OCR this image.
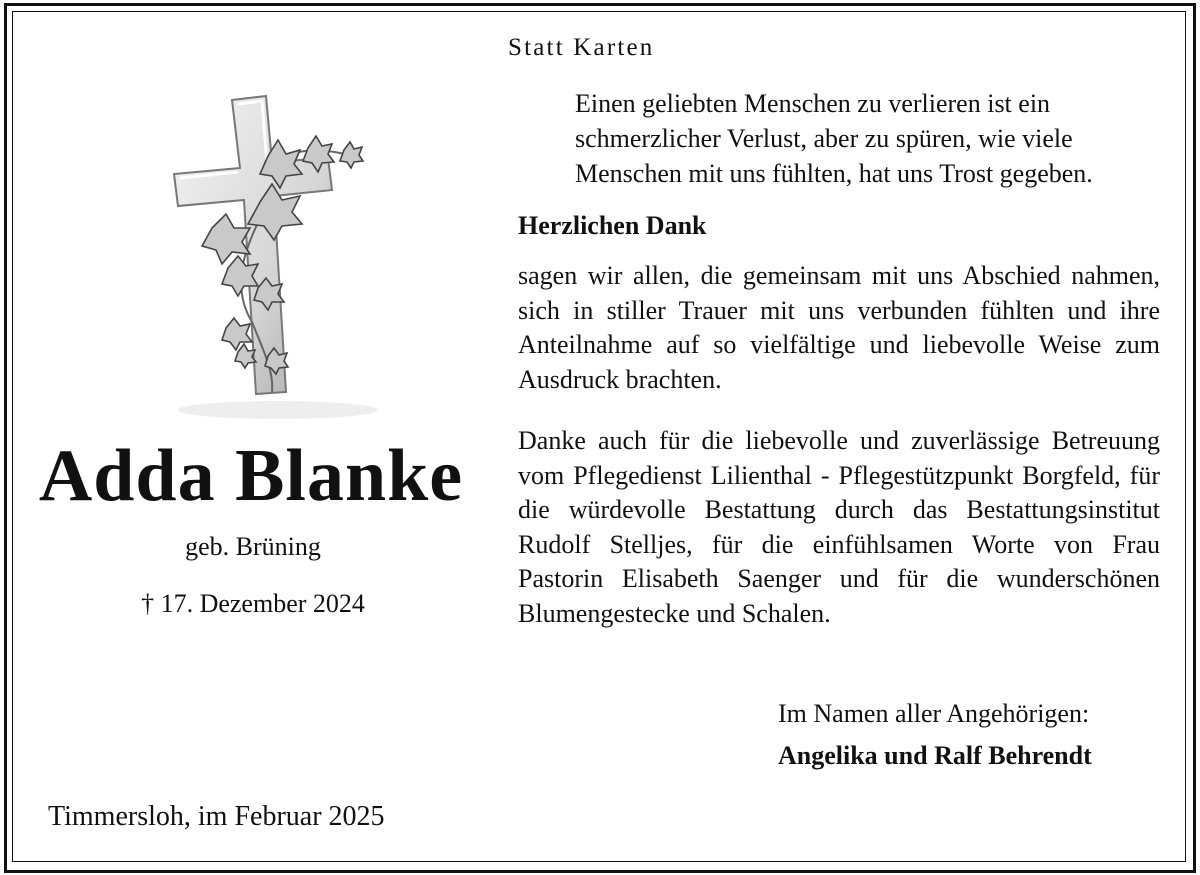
Adda Blanke
geb. Brüning
† 17. Dezember 2024
Timmersloh, im Februar 2025
Statt Karten
Einen geliebten Menschen zu verlieren ist ein
schmerzlicher Verlust, aber zu spüren, wie viele
Menschen mit uns fühlten, hat uns Trost gegeben.
Herzlichen Dank

sagen wir allen, die gemeinsam mit uns Abschied nahmen, sich in stiller Trauer mit uns verbunden fühlten und ihre Anteilnahme auf so vielfältige und liebevolle Weise zum Ausdruck brachten.

Danke auch für die liebevolle und zuverlässige Betreuung vom Pflegedienst Lilienthal - Pflegestützpunkt Borgfeld, für die würdevolle Bestattung durch das Bestattungsinstitut Rudolf Stelljes, für die einfühlsamen Worte von Frau Pastorin Elisabeth Saenger und für die wunderschönen Blumengestecke und Schalen.

Im Namen aller Angehörigen:
Angelika und Ralf Behrendt
